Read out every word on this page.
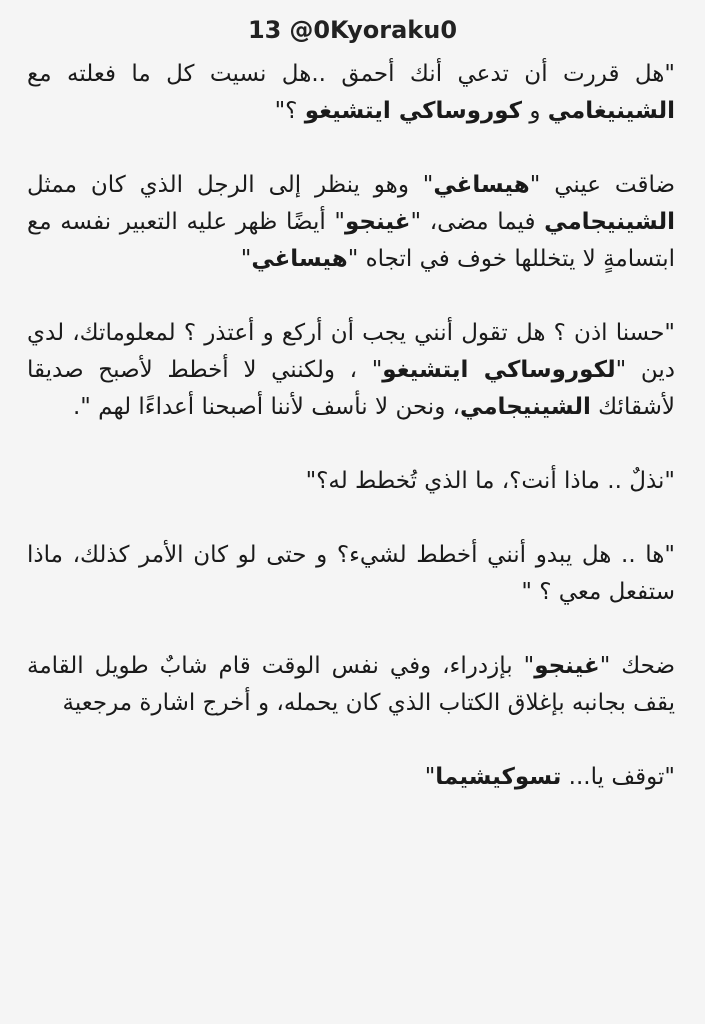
13 @0Kyoraku0

"هل قررت أن تدعي أنك أحمق ..هل نسيت كل ما فعلته مع الشينيغامي و كوروساكي ايتشيغو ؟"

ضاقت عيني "هيساغي" وهو ينظر إلى الرجل الذي كان ممثل الشينيجامي فيما مضى، "غينجو" أيضًا ظهر عليه التعبير نفسه مع ابتسامةٍ لا يتخللها خوف في اتجاه "هيساغي"

"حسنا اذن ؟ هل تقول أنني يجب أن أركع و أعتذر ؟ لمعلوماتك، لدي دين "لكوروساكي ايتشيغو" ، ولكنني لا أخطط لأصبح صديقا لأشقائك الشينيجامي، ونحن لا نأسف لأننا أصبحنا أعداءًا لهم ".

"نذلٌ .. ماذا أنت؟، ما الذي تُخطط له؟"

"ها .. هل يبدو أنني أخطط لشيء؟ و حتى لو كان الأمر كذلك، ماذا ستفعل معي ؟ "

ضحك "غينجو" بإزدراء، وفي نفس الوقت قام شابٌ طويل القامة يقف بجانبه بإغلاق الكتاب الذي كان يحمله، و أخرج اشارة مرجعية

"توقف يا... تسوكيشيما"
